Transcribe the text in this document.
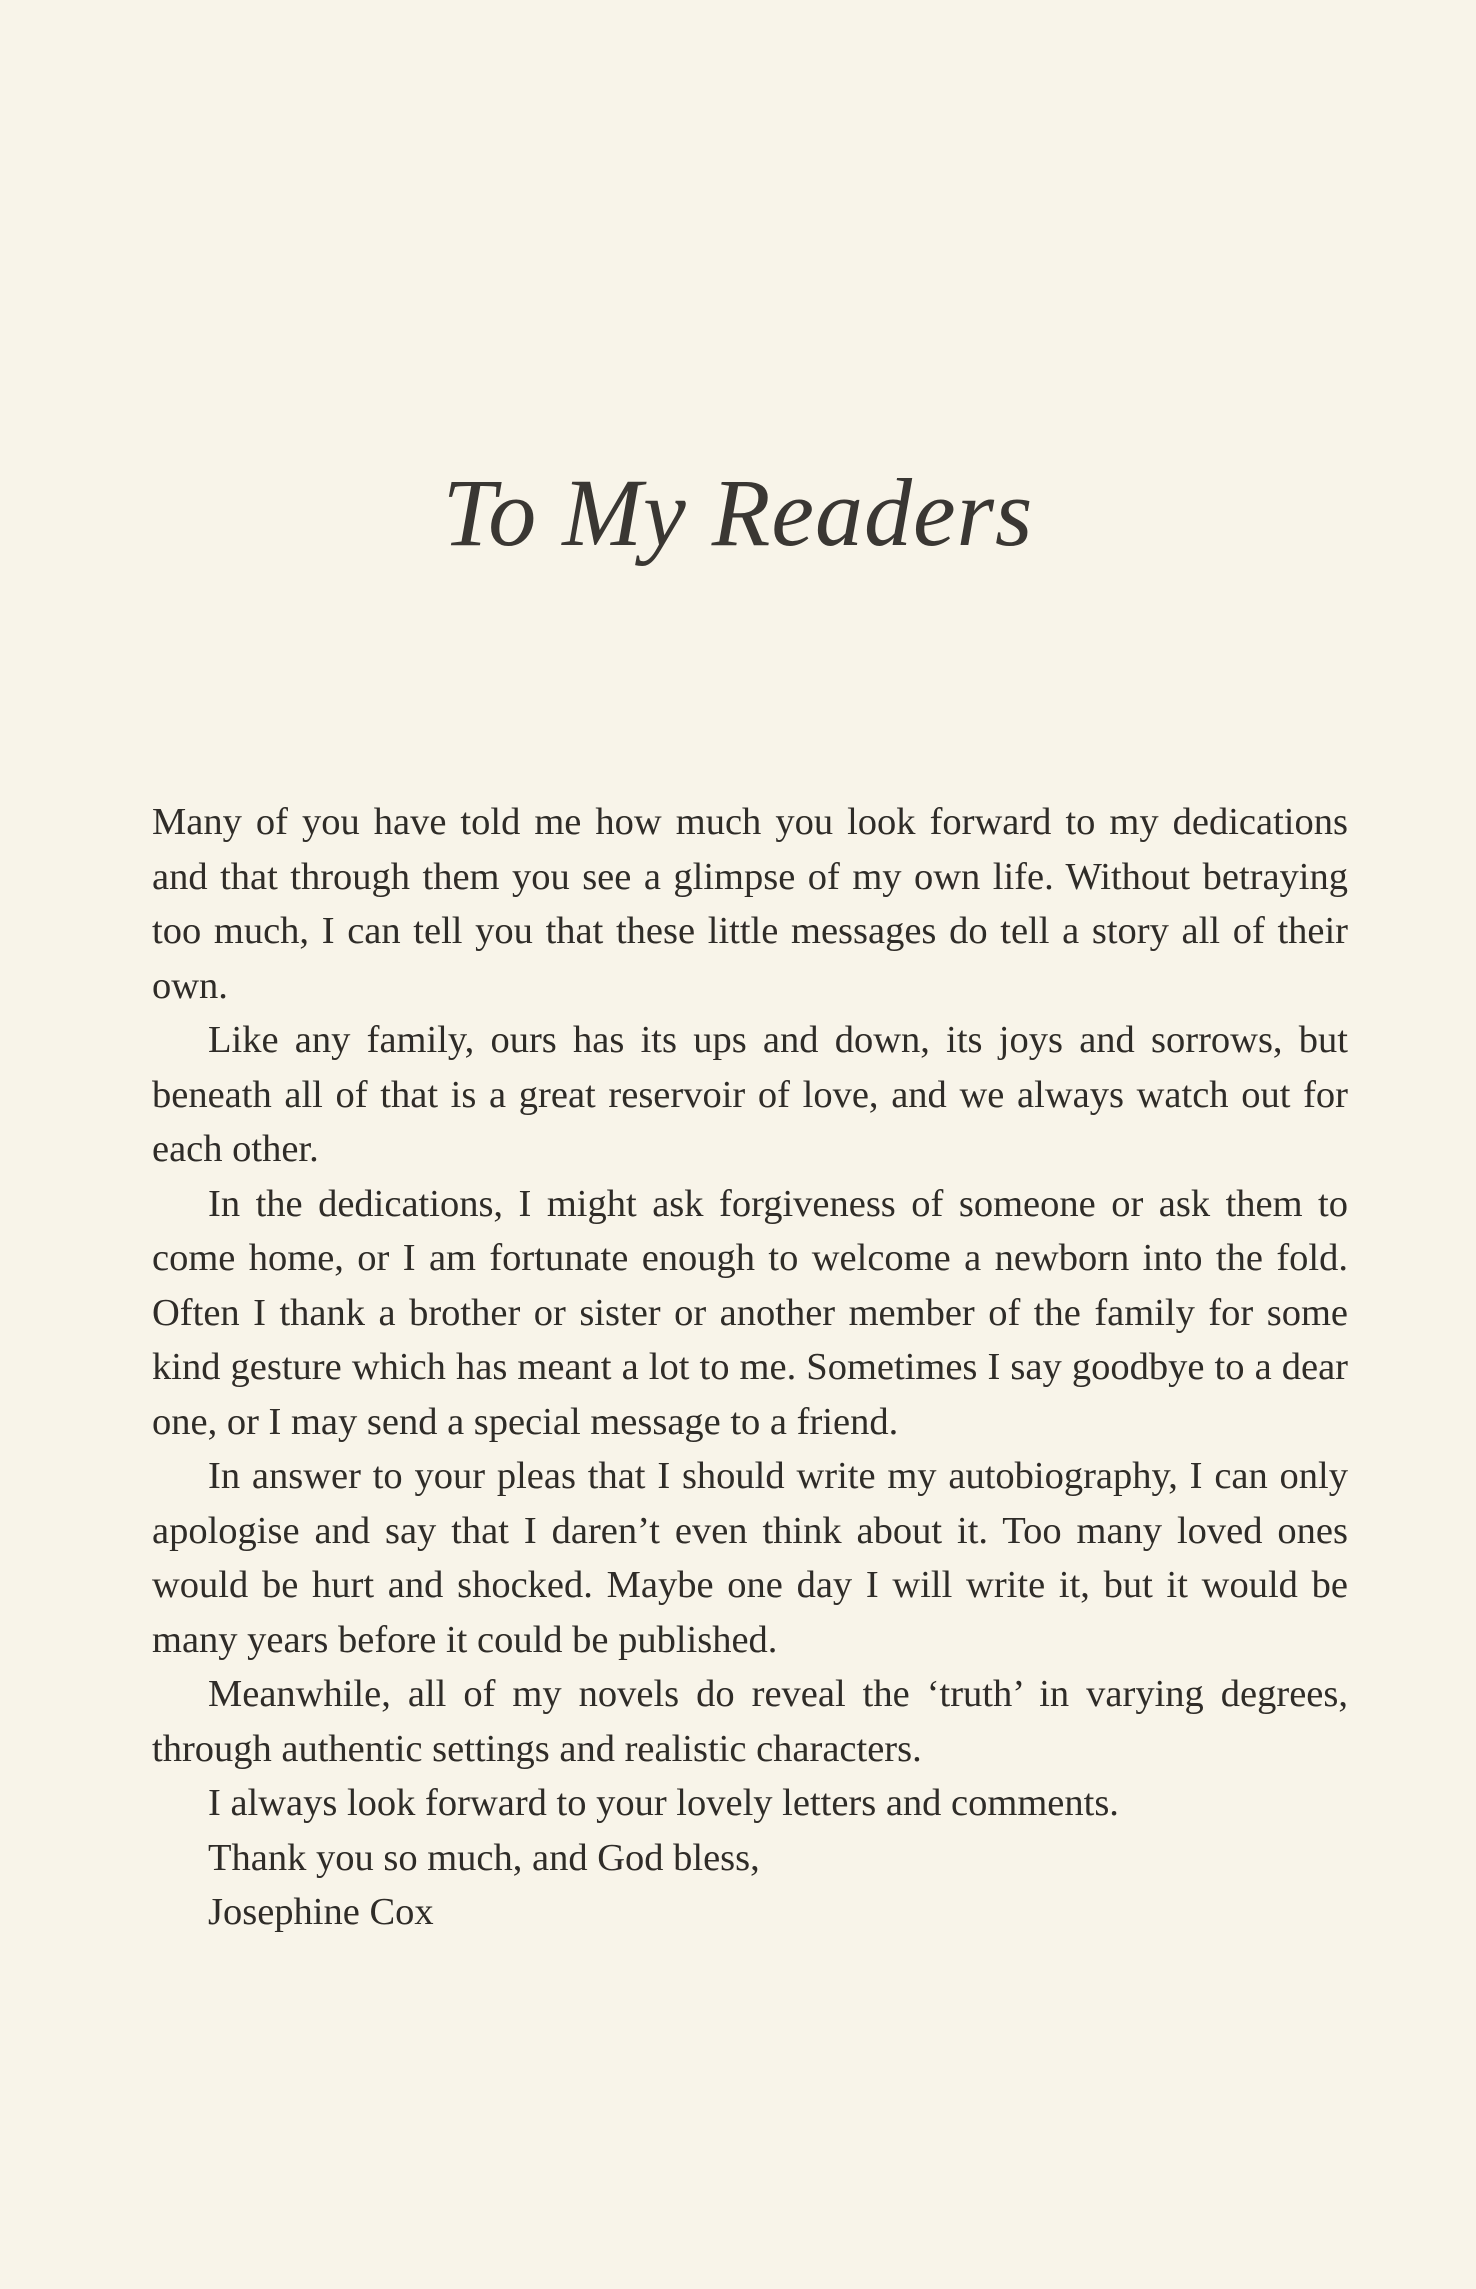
To My Readers

Many of you have told me how much you look forward to my dedications and that through them you see a glimpse of my own life. Without betraying too much, I can tell you that these little messages do tell a story all of their own.

Like any family, ours has its ups and down, its joys and sorrows, but beneath all of that is a great reservoir of love, and we always watch out for each other.

In the dedications, I might ask forgiveness of someone or ask them to come home, or I am fortunate enough to welcome a newborn into the fold. Often I thank a brother or sister or another member of the family for some kind gesture which has meant a lot to me. Sometimes I say goodbye to a dear one, or I may send a special message to a friend.

In answer to your pleas that I should write my autobiography, I can only apologise and say that I daren’t even think about it. Too many loved ones would be hurt and shocked. Maybe one day I will write it, but it would be many years before it could be published.

Meanwhile, all of my novels do reveal the ‘truth’ in varying degrees, through authentic settings and realistic characters.

I always look forward to your lovely letters and comments.
Thank you so much, and God bless,
Josephine Cox
